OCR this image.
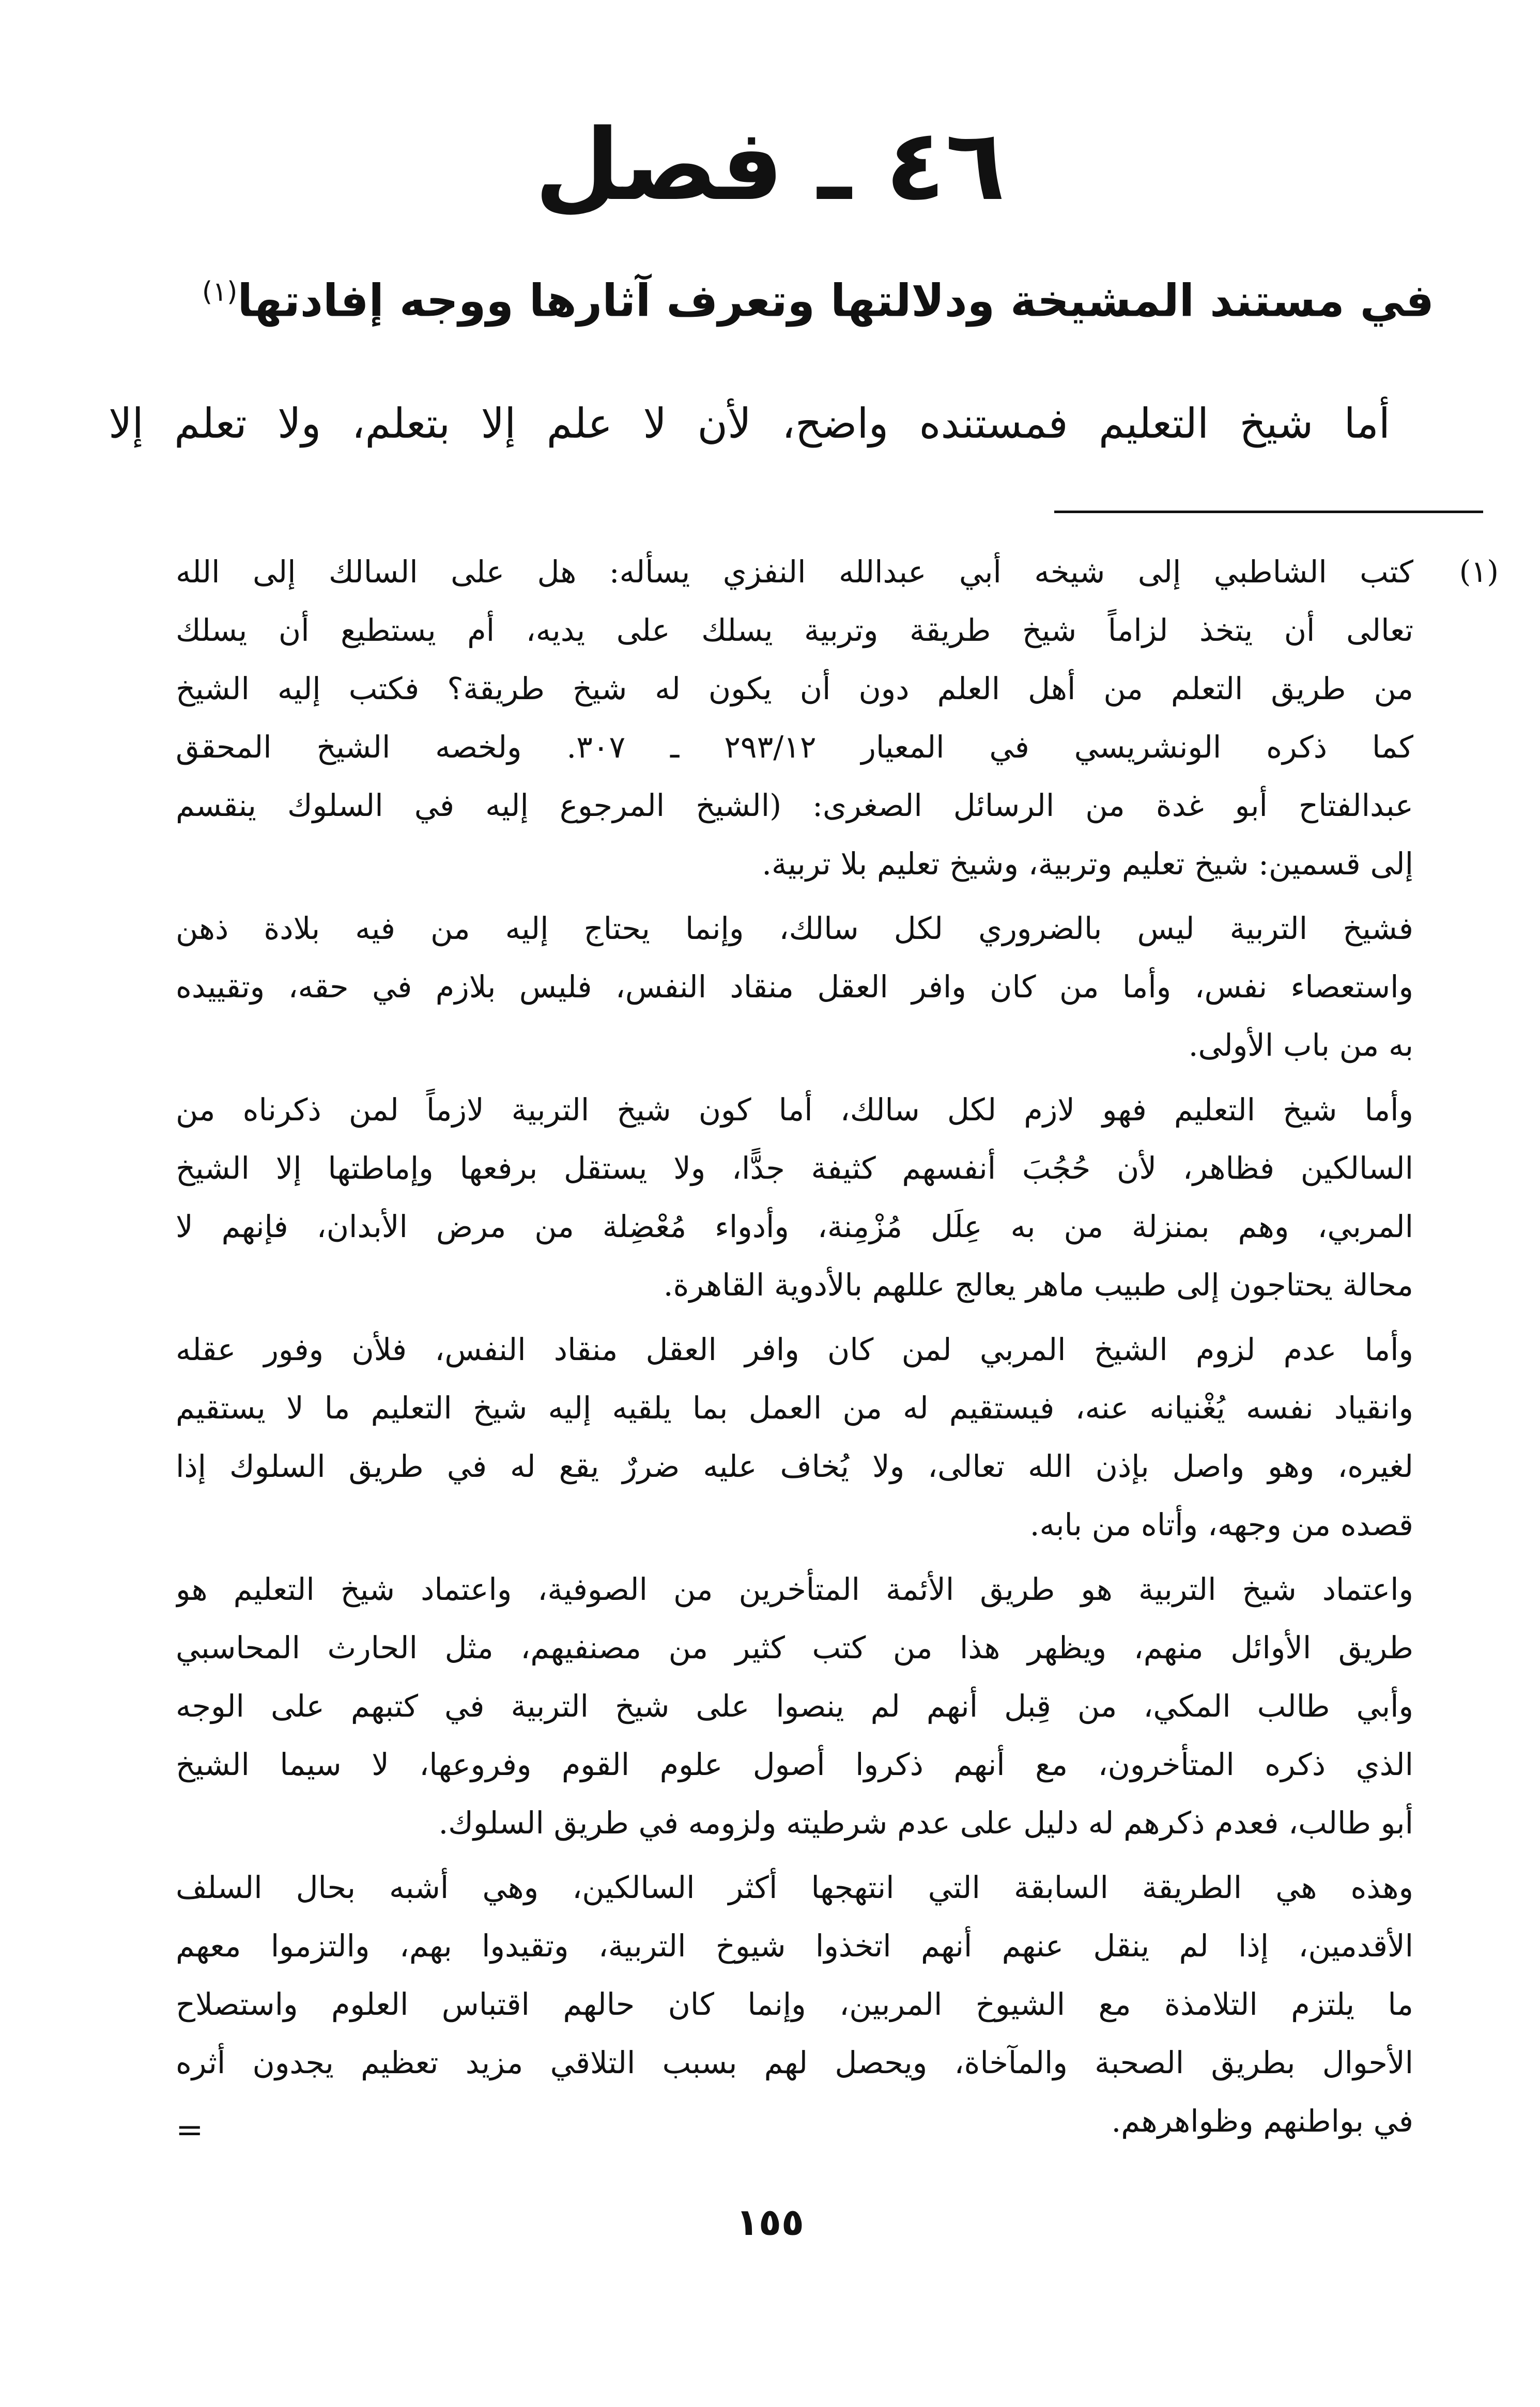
٤٦ ـ فصل
في مستند المشيخة ودلالتها وتعرف آثارها ووجه إفادتها$^{(١)}$
أما شيخ التعليم فمستنده واضح، لأن لا علم إلا بتعلم، ولا تعلم إلا
(١)
كتب الشاطبي إلى شيخه أبي عبدالله النفزي يسأله: هل على السالك إلى الله
تعالى أن يتخذ لزاماً شيخ طريقة وتربية يسلك على يديه، أم يستطيع أن يسلك
من طريق التعلم من أهل العلم دون أن يكون له شيخ طريقة؟ فكتب إليه الشيخ
كما ذكره الونشريسي في المعيار ٢٩٣/١٢ ـ ٣٠٧. ولخصه الشيخ المحقق
عبدالفتاح أبو غدة من الرسائل الصغرى: (الشيخ المرجوع إليه في السلوك ينقسم
إلى قسمين: شيخ تعليم وتربية، وشيخ تعليم بلا تربية.
فشيخ التربية ليس بالضروري لكل سالك، وإنما يحتاج إليه من فيه بلادة ذهن
واستعصاء نفس، وأما من كان وافر العقل منقاد النفس، فليس بلازم في حقه، وتقييده
به من باب الأولى.
وأما شيخ التعليم فهو لازم لكل سالك، أما كون شيخ التربية لازماً لمن ذكرناه من
السالكين فظاهر، لأن حُجُبَ أنفسهم كثيفة جدًّا، ولا يستقل برفعها وإماطتها إلا الشيخ
المربي، وهم بمنزلة من به عِلَل مُزْمِنة، وأدواء مُعْضِلة من مرض الأبدان، فإنهم لا
محالة يحتاجون إلى طبيب ماهر يعالج عللهم بالأدوية القاهرة.
وأما عدم لزوم الشيخ المربي لمن كان وافر العقل منقاد النفس، فلأن وفور عقله
وانقياد نفسه يُغْنيانه عنه، فيستقيم له من العمل بما يلقيه إليه شيخ التعليم ما لا يستقيم
لغيره، وهو واصل بإذن الله تعالى، ولا يُخاف عليه ضررٌ يقع له في طريق السلوك إذا
قصده من وجهه، وأتاه من بابه.
واعتماد شيخ التربية هو طريق الأئمة المتأخرين من الصوفية، واعتماد شيخ التعليم هو
طريق الأوائل منهم، ويظهر هذا من كتب كثير من مصنفيهم، مثل الحارث المحاسبي
وأبي طالب المكي، من قِبل أنهم لم ينصوا على شيخ التربية في كتبهم على الوجه
الذي ذكره المتأخرون، مع أنهم ذكروا أصول علوم القوم وفروعها، لا سيما الشيخ
أبو طالب، فعدم ذكرهم له دليل على عدم شرطيته ولزومه في طريق السلوك.
وهذه هي الطريقة السابقة التي انتهجها أكثر السالكين، وهي أشبه بحال السلف
الأقدمين، إذا لم ينقل عنهم أنهم اتخذوا شيوخ التربية، وتقيدوا بهم، والتزموا معهم
ما يلتزم التلامذة مع الشيوخ المربين، وإنما كان حالهم اقتباس العلوم واستصلاح
الأحوال بطريق الصحبة والمآخاة، ويحصل لهم بسبب التلاقي مزيد تعظيم يجدون أثره
في بواطنهم وظواهرهم.
=
١٥٥
